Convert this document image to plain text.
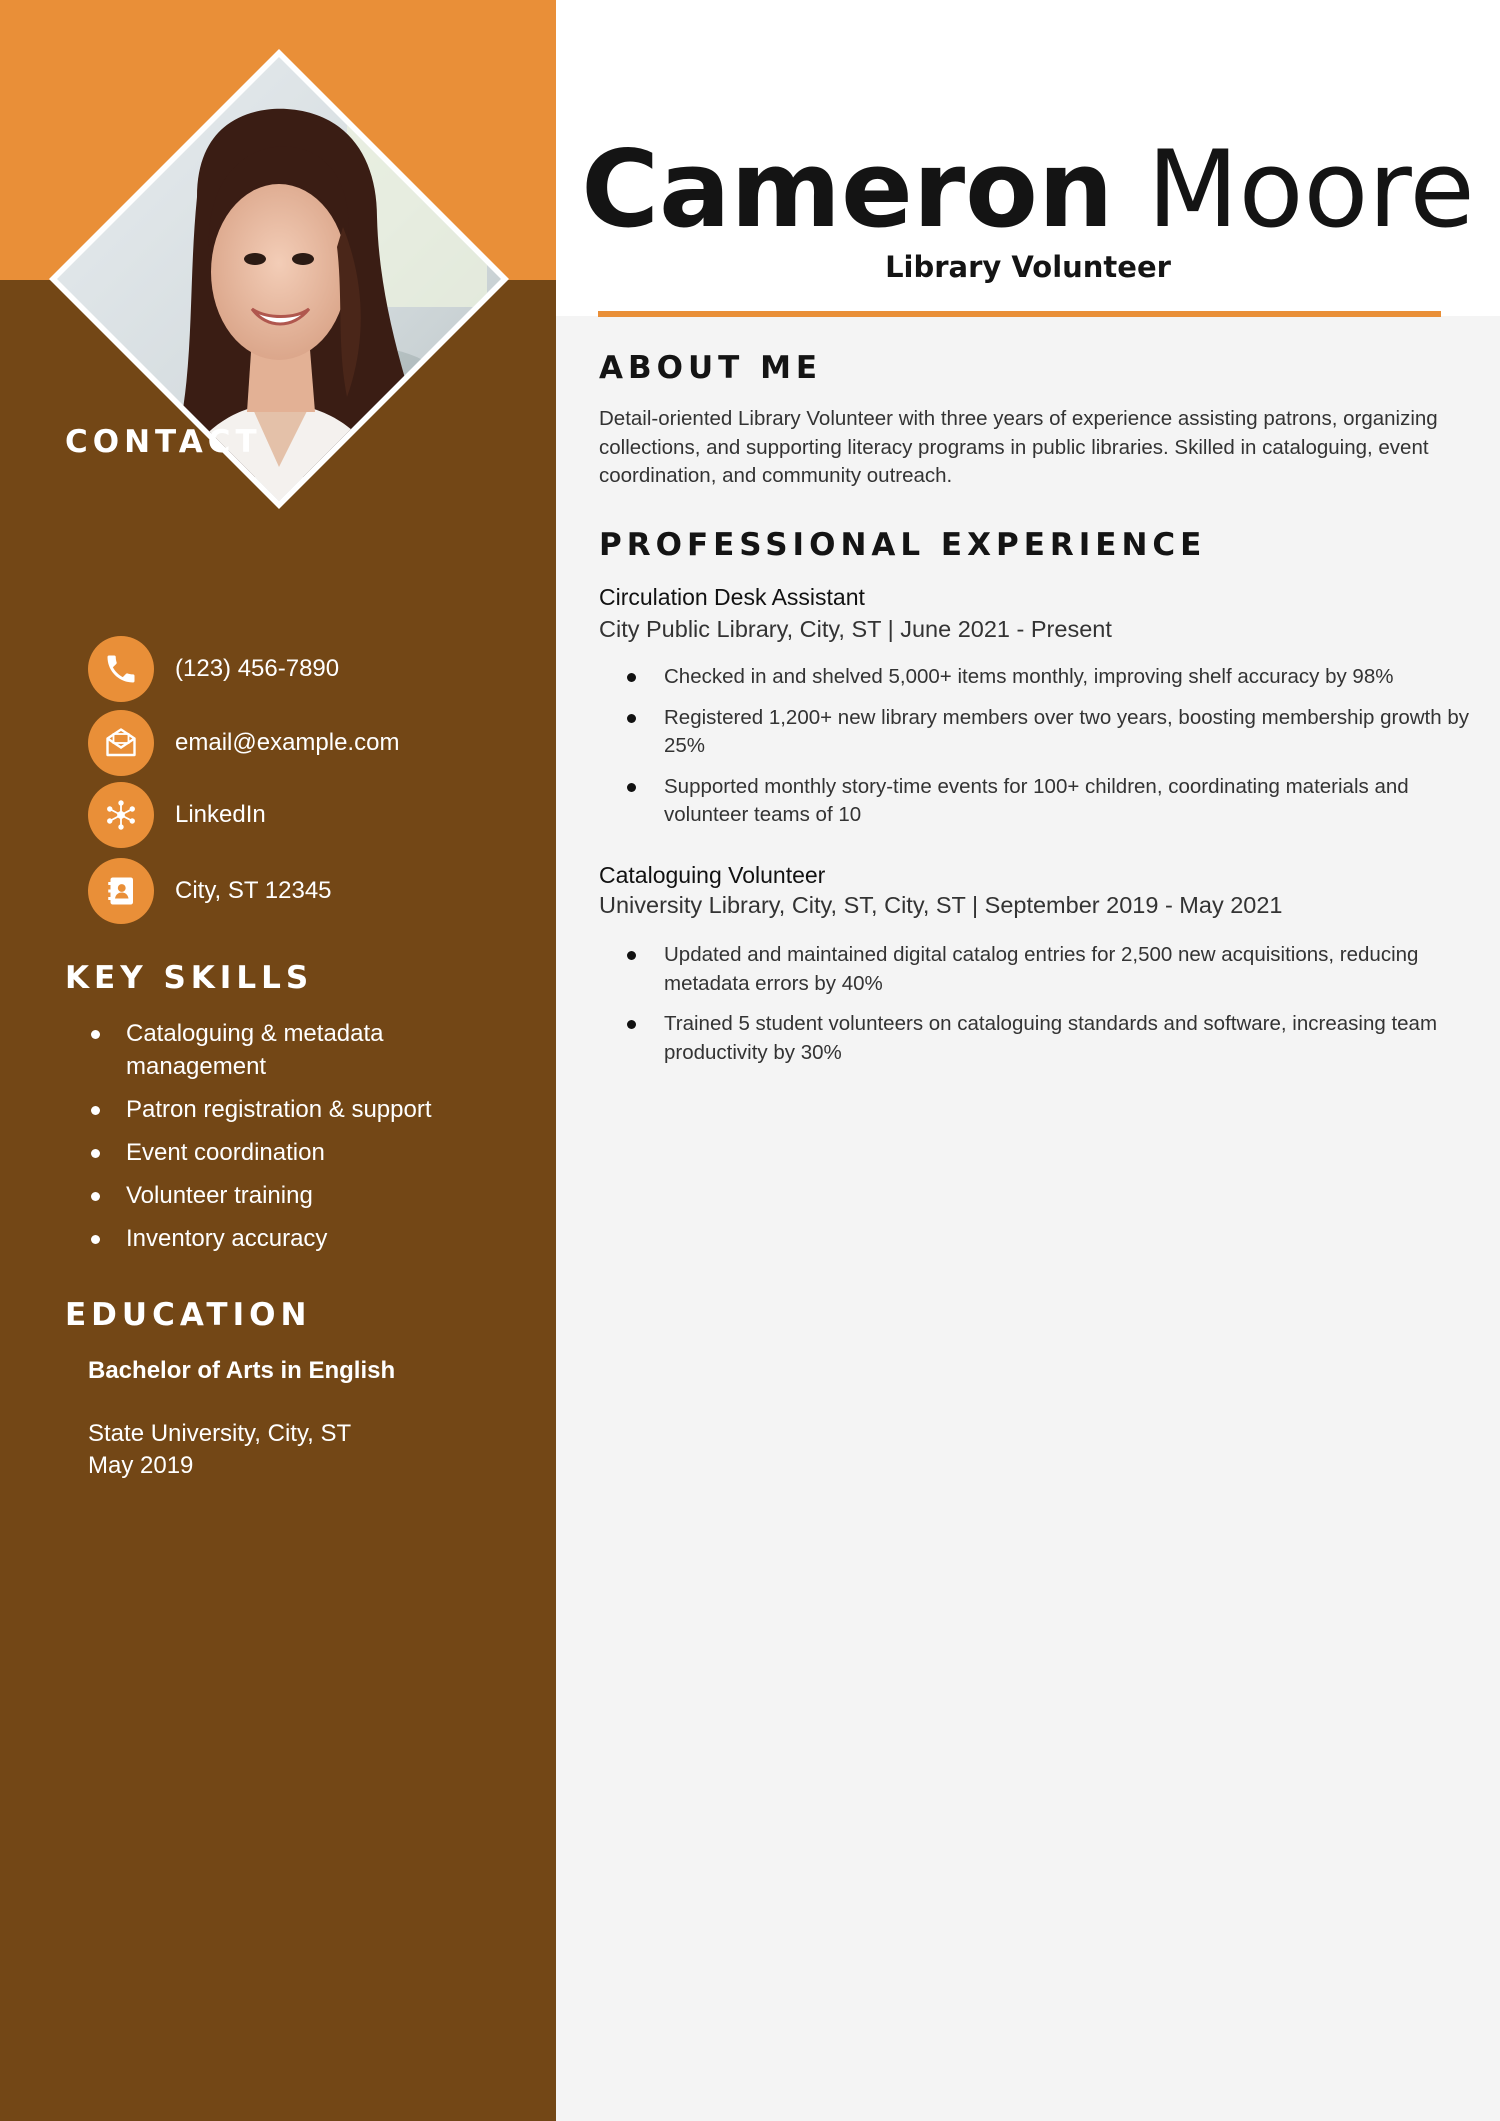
CONTACT
(123) 456-7890
email@example.com
LinkedIn
City, ST 12345
KEY SKILLS
Cataloguing & metadata management
Patron registration & support
Event coordination
Volunteer training
Inventory accuracy
EDUCATION
Bachelor of Arts in English
State University, City, ST
May 2019
Cameron Moore
Library Volunteer
ABOUT ME

Detail-oriented Library Volunteer with three years of experience assisting patrons, organizing collections, and supporting literacy programs in public libraries. Skilled in cataloguing, event coordination, and community outreach.

PROFESSIONAL EXPERIENCE
Circulation Desk Assistant
City Public Library, City, ST | June 2021 - Present
Checked in and shelved 5,000+ items monthly, improving shelf accuracy by 98%
Registered 1,200+ new library members over two years, boosting membership growth by 25%
Supported monthly story-time events for 100+ children, coordinating materials and volunteer teams of 10
Cataloguing Volunteer
University Library, City, ST, City, ST | September 2019 - May 2021
Updated and maintained digital catalog entries for 2,500 new acquisitions, reducing metadata errors by 40%
Trained 5 student volunteers on cataloguing standards and software, increasing team productivity by 30%
